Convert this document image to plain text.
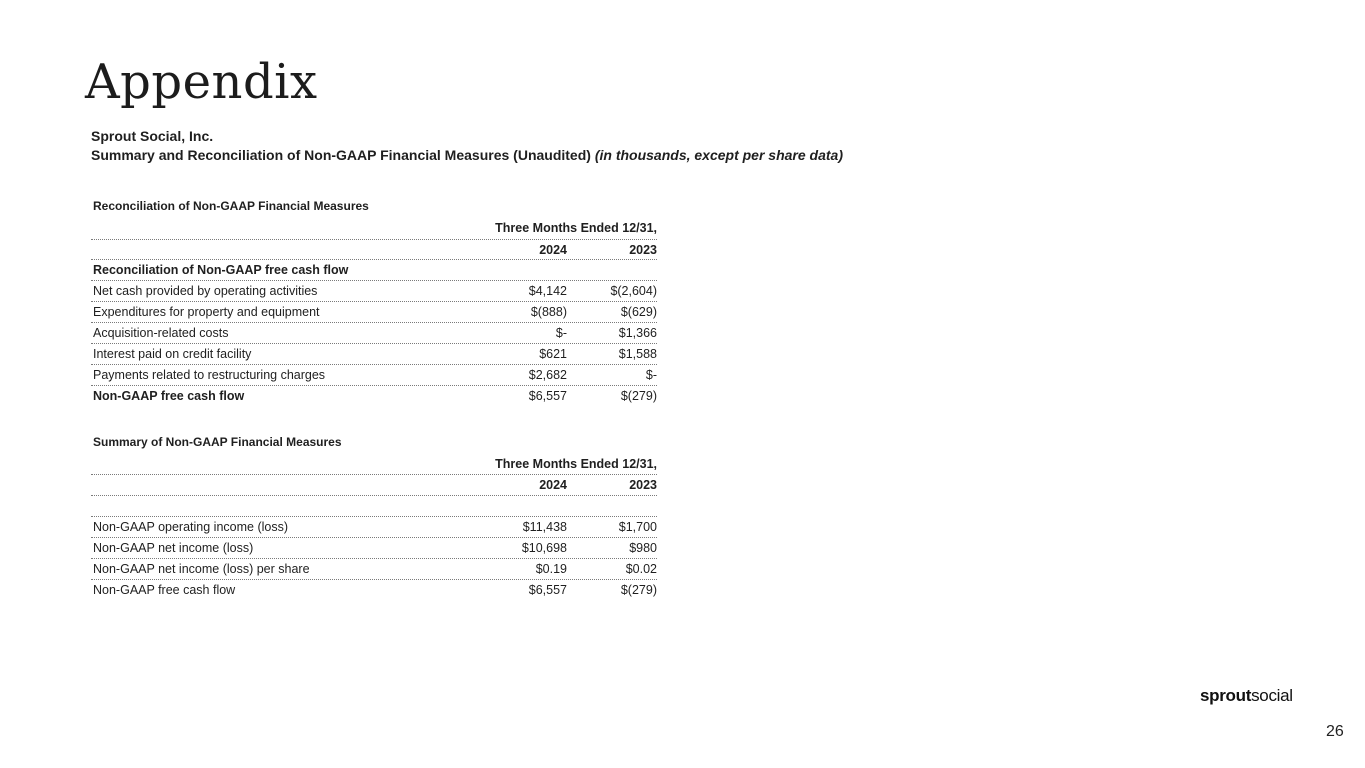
Appendix
Sprout Social, Inc.
Summary and Reconciliation of Non-GAAP Financial Measures (Unaudited) (in thousands, except per share data)
Reconciliation of Non-GAAP Financial Measures
Three Months Ended 12/31,
2024	2023
Reconciliation of Non-GAAP free cash flow
Net cash provided by operating activities	$4,142	$(2,604)
Expenditures for property and equipment	$(888)	$(629)
Acquisition-related costs	$-	$1,366
Interest paid on credit facility	$621	$1,588
Payments related to restructuring charges	$2,682	$-
Non-GAAP free cash flow	$6,557	$(279)
Summary of Non-GAAP Financial Measures
Three Months Ended 12/31,
2024	2023
Non-GAAP operating income (loss)	$11,438	$1,700
Non-GAAP net income (loss)	$10,698	$980
Non-GAAP net income (loss) per share	$0.19	$0.02
Non-GAAP free cash flow	$6,557	$(279)
sproutsocial
26
